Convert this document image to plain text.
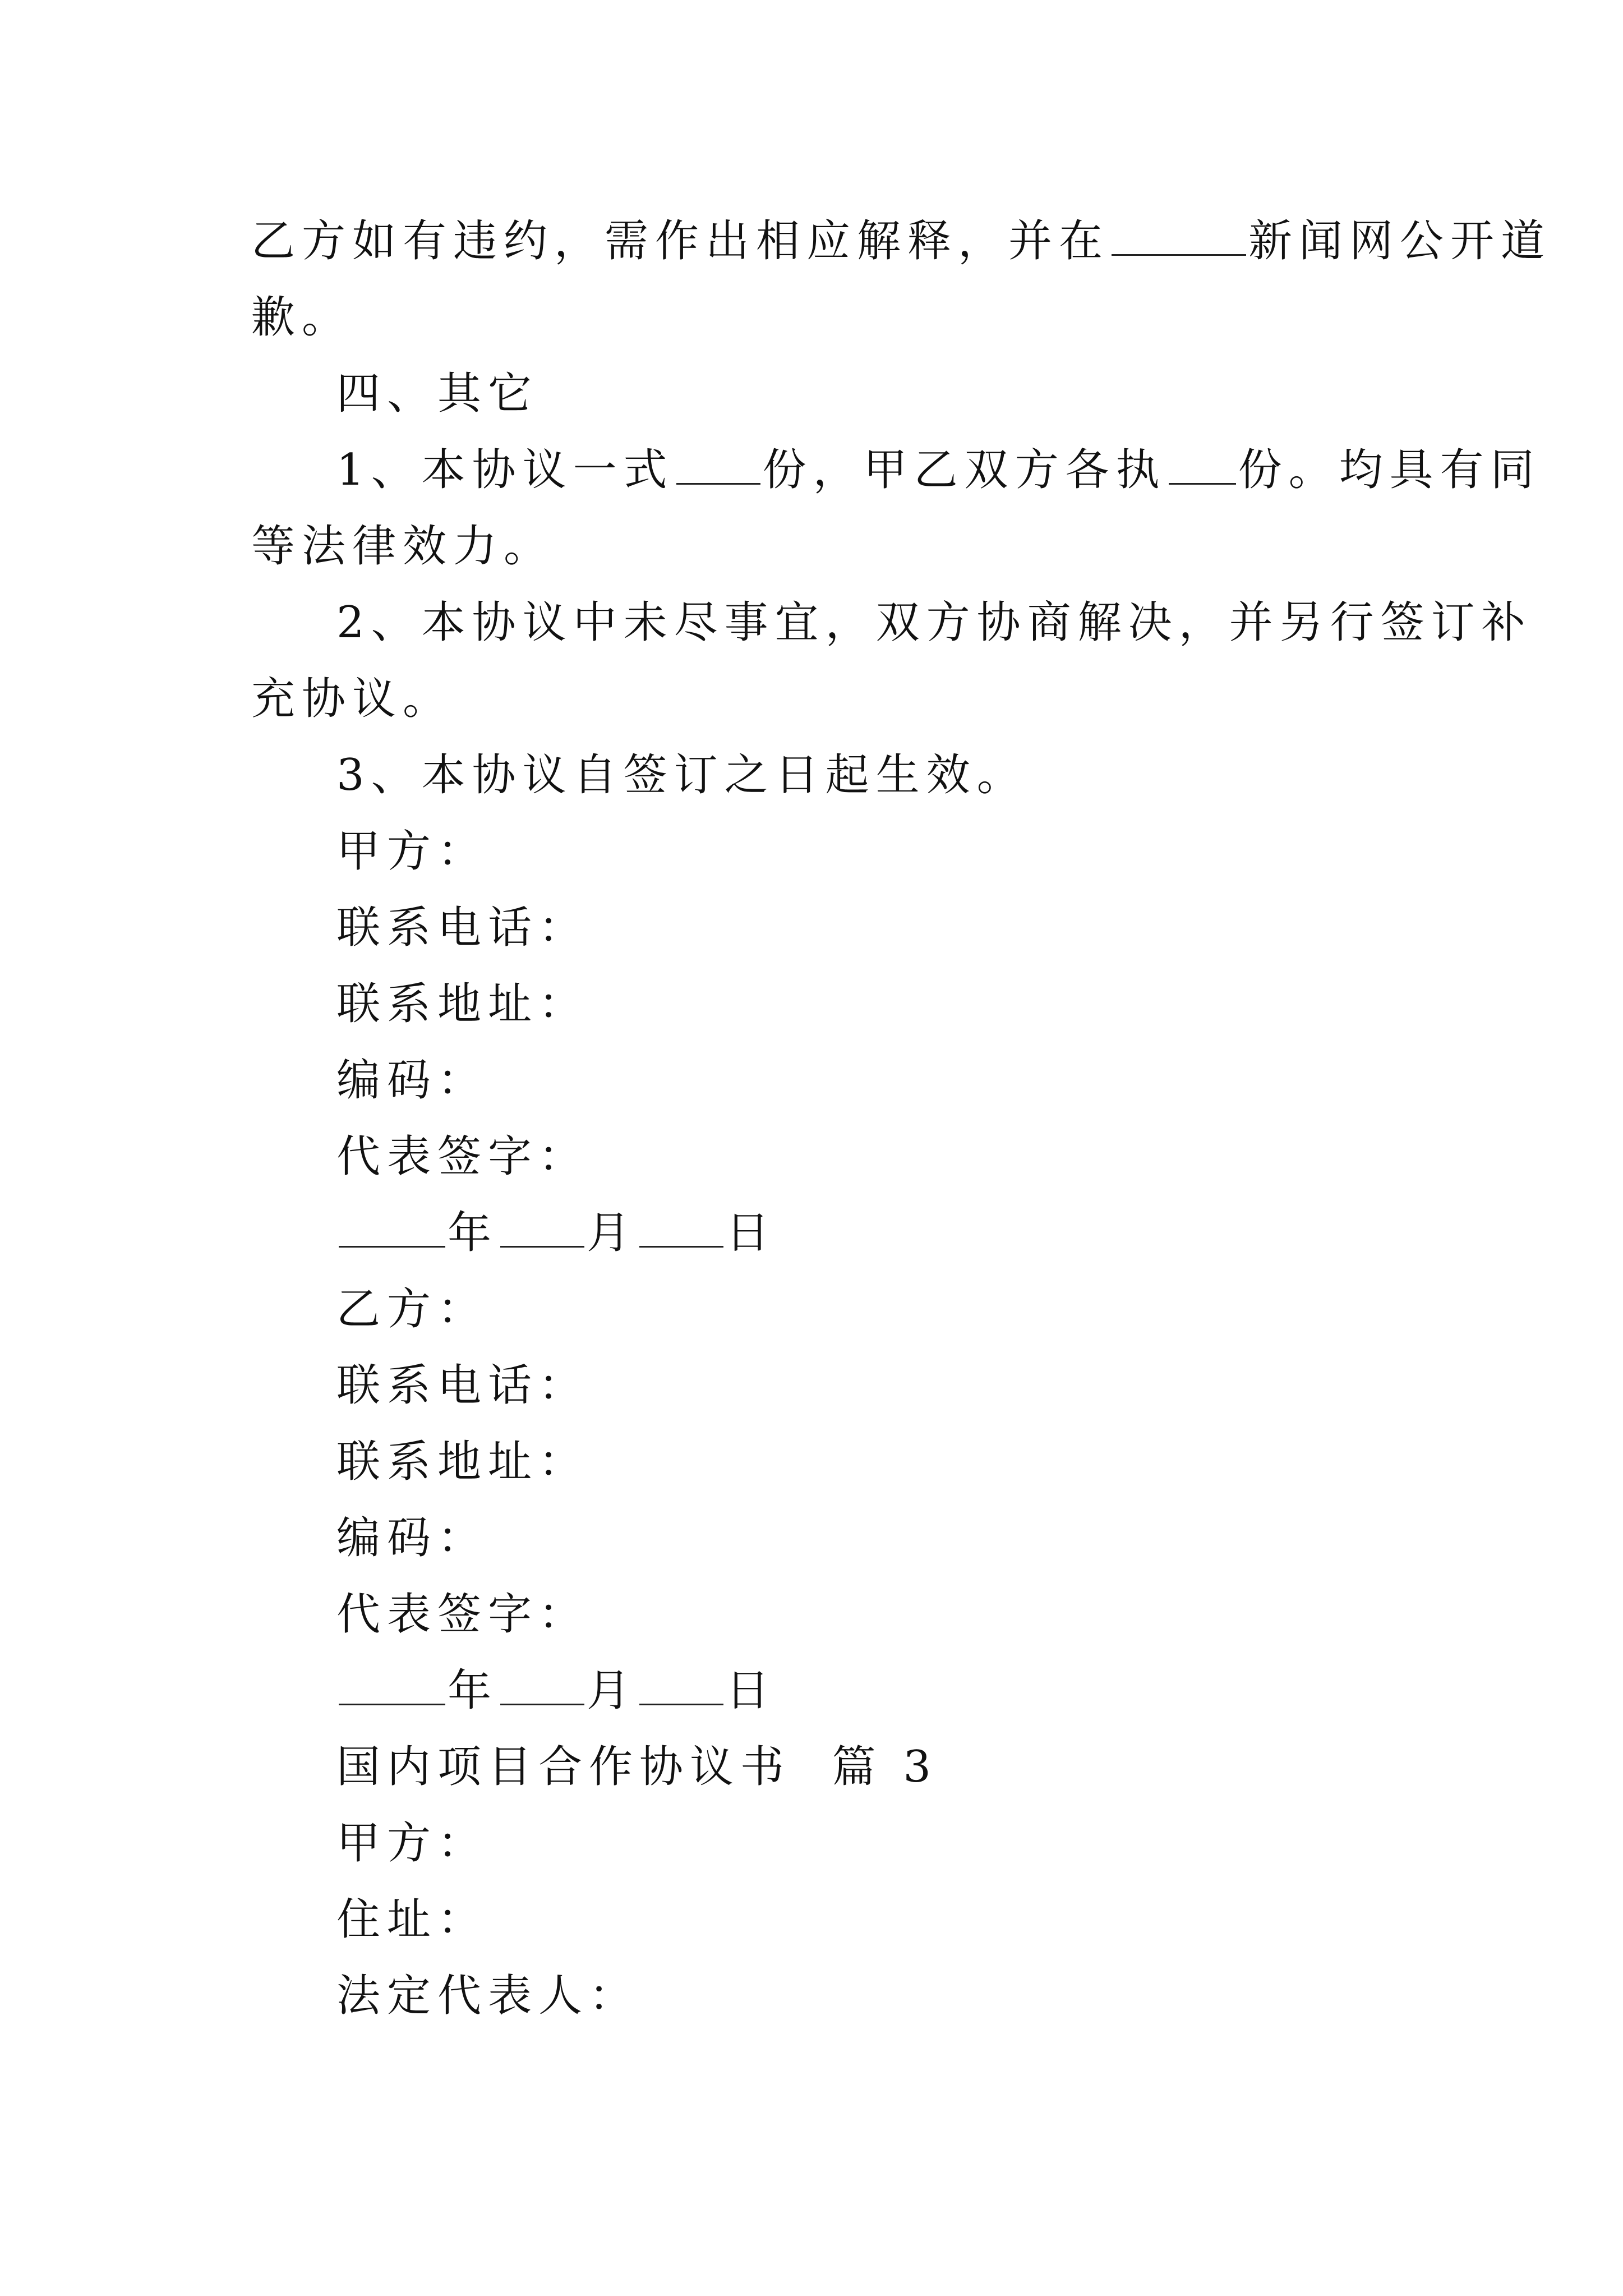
乙方如有违约，需作出相应解释，并在	新闻网公开道
歉。
四、其它
1、本协议一式 份，甲乙双方各执 份。均具有同
等法律效力。
2、本协议中未尽事宜，双方协商解决，并另行签订补
充协议。
3、本协议自签订之日起生效。
甲方：
联系电话：
联系地址：
编码：
代表签字：
年 月 日
乙方：
联系电话：
联系地址：
编码：
代表签字：
年 月 日
国内项目合作协议书  篇 3
甲方：
住址：
法定代表人：
